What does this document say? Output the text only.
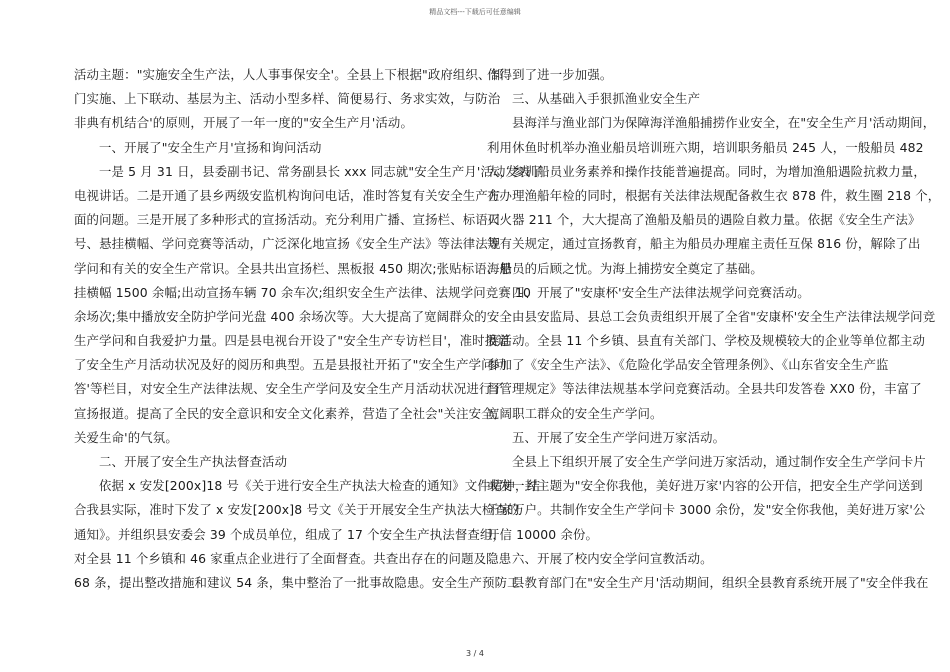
精品文档---下载后可任意编辑
活动主题："实施安全生产法，人人事事保安全'。全县上下根据"政府组织、部
门实施、上下联动、基层为主、活动小型多样、简便易行、务求实效，与防治
非典有机结合'的原则，开展了一年一度的"安全生产月'活动。
一、开展了"安全生产月'宣扬和询问活动
一是 5 月 31 日，县委副书记、常务副县长 xxx 同志就"安全生产月'活动发表了
电视讲话。二是开通了县乡两级安监机构询问电话，准时答复有关安全生产方
面的问题。三是开展了多种形式的宣扬活动。充分利用广播、宣扬栏、标语口
号、悬挂横幅、学问竞赛等活动，广泛深化地宣扬《安全生产法》等法律法规
学问和有关的安全生产常识。全县共出宣扬栏、黑板报 450 期次;张贴标语、悬
挂横幅 1500 余幅;出动宣扬车辆 70 余车次;组织安全生产法律、法规学问竞赛 10
余场次;集中播放安全防护学问光盘 400 余场次等。大大提高了宽阔群众的安全
生产学问和自我爱护力量。四是县电视台开设了"安全生产专访栏目'，准时报道
了安全生产月活动状况及好的阅历和典型。五是县报社开拓了"安全生产学问问
答'等栏目，对安全生产法律法规、安全生产学问及安全生产月活动状况进行了
宣扬报道。提高了全民的安全意识和安全文化素养，营造了全社会"关注安全,
关爱生命'的气氛。
二、开展了安全生产执法督查活动
依据 x 安发[200x]18 号《关于进行安全生产执法大检查的通知》文件精神，结
合我县实际，准时下发了 x 安发[200x]8 号文《关于开展安全生产执法大检查的
通知》。并组织县安委会 39 个成员单位，组成了 17 个安全生产执法督查组，
对全县 11 个乡镇和 46 家重点企业进行了全面督查。共查出存在的问题及隐患
68 条，提出整改措施和建议 54 条，集中整治了一批事故隐患。安全生产预防工
作得到了进一步加强。
三、从基础入手狠抓渔业安全生产
县海洋与渔业部门为保障海洋渔船捕捞作业安全，在"安全生产月'活动期间，
利用休鱼时机举办渔业船员培训班六期，培训职务船员 245 人，一般船员 482
人，参训船员业务素养和操作技能普遍提高。同时，为增加渔船遇险抗救力量，
在办理渔船年检的同时，根据有关法律法规配备救生衣 878 件，救生圈 218 个，
灭火器 211 个，大大提高了渔船及船员的遇险自救力量。依据《安全生产法》
等有关规定，通过宣扬教育，船主为船员办理雇主责任互保 816 份，解除了出
海船员的后顾之忧。为海上捕捞安全奠定了基础。
四、开展了"安康杯'安全生产法律法规学问竞赛活动。
由县安监局、县总工会负责组织开展了全省"安康杯'安全生产法律法规学问竞
赛活动。全县 11 个乡镇、县直有关部门、学校及规模较大的企业等单位都主动
参加了《安全生产法》、《危险化学品安全管理条例》、《山东省安全生产监
督管理规定》等法律法规基本学问竞赛活动。全县共印发答卷 XX0 份，丰富了
宽阔职工群众的安全生产学问。
五、开展了安全生产学问进万家活动。
全县上下组织开展了安全生产学问进万家活动，通过制作安全生产学问卡片
或发一封主题为"安全你我他，美好进万家'内容的公开信，把安全生产学问送到
千家万户。共制作安全生产学问卡 3000 余份，发"安全你我他，美好进万家'公
开信 10000 余份。
六、开展了校内安全学问宣教活动。
县教育部门在"安全生产月'活动期间，组织全县教育系统开展了"安全伴我在
3 / 4
